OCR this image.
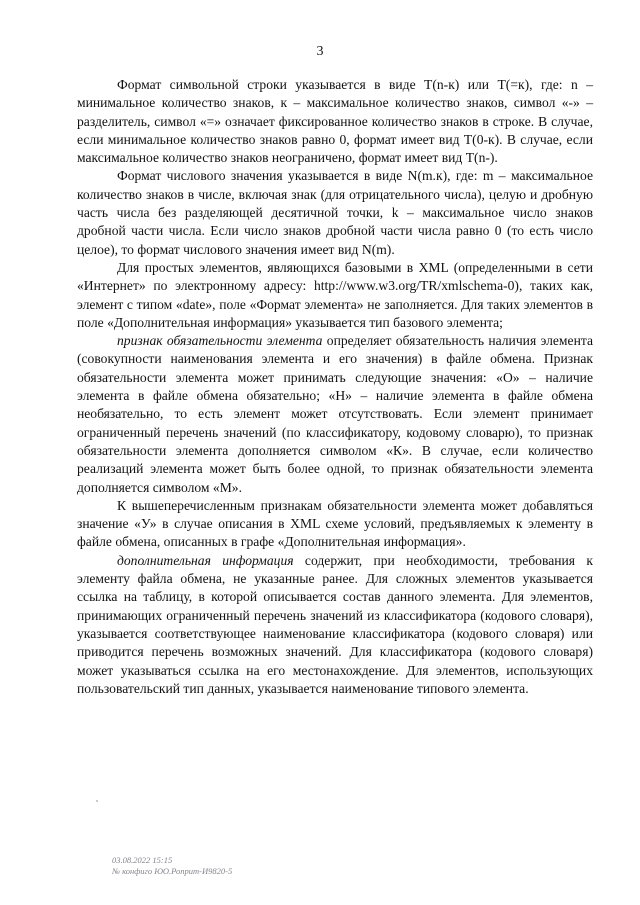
3

Формат символьной строки указывается в виде T(n-к) или T(=к), где: n – минимальное количество знаков, к – максимальное количество знаков, символ «-» – разделитель, символ «=» означает фиксированное количество знаков в строке. В случае, если минимальное количество знаков равно 0, формат имеет вид T(0-к). В случае, если максимальное количество знаков неограничено, формат имеет вид T(n-).

Формат числового значения указывается в виде N(m.к), где: m – максимальное количество знаков в числе, включая знак (для отрицательного числа), целую и дробную часть числа без разделяющей десятичной точки, k – максимальное число знаков дробной части числа. Если число знаков дробной части числа равно 0 (то есть число целое), то формат числового значения имеет вид N(m).

Для простых элементов, являющихся базовыми в XML (определенными в сети «Интернет» по электронному адресу: http://www.w3.org/TR/xmlschema-0), таких как, элемент с типом «date», поле «Формат элемента» не заполняется. Для таких элементов в поле «Дополнительная информация» указывается тип базового элемента;

признак обязательности элемента определяет обязательность наличия элемента (совокупности наименования элемента и его значения) в файле обмена. Признак обязательности элемента может принимать следующие значения: «О» – наличие элемента в файле обмена обязательно; «Н» – наличие элемента в файле обмена необязательно, то есть элемент может отсутствовать. Если элемент принимает ограниченный перечень значений (по классификатору, кодовому словарю), то признак обязательности элемента дополняется символом «К». В случае, если количество реализаций элемента может быть более одной, то признак обязательности элемента дополняется символом «М».

К вышеперечисленным признакам обязательности элемента может добавляться значение «У» в случае описания в XML схеме условий, предъявляемых к элементу в файле обмена, описанных в графе «Дополнительная информация».

дополнительная информация содержит, при необходимости, требования к элементу файла обмена, не указанные ранее. Для сложных элементов указывается ссылка на таблицу, в которой описывается состав данного элемента. Для элементов, принимающих ограниченный перечень значений из классификатора (кодового словаря), указывается соответствующее наименование классификатора (кодового словаря) или приводится перечень возможных значений. Для классификатора (кодового словаря) может указываться ссылка на его местонахождение. Для элементов, использующих пользовательский тип данных, указывается наименование типового элемента.

03.08.2022 15:15
№ конфиго ЮО.Роприт-И9820-5
